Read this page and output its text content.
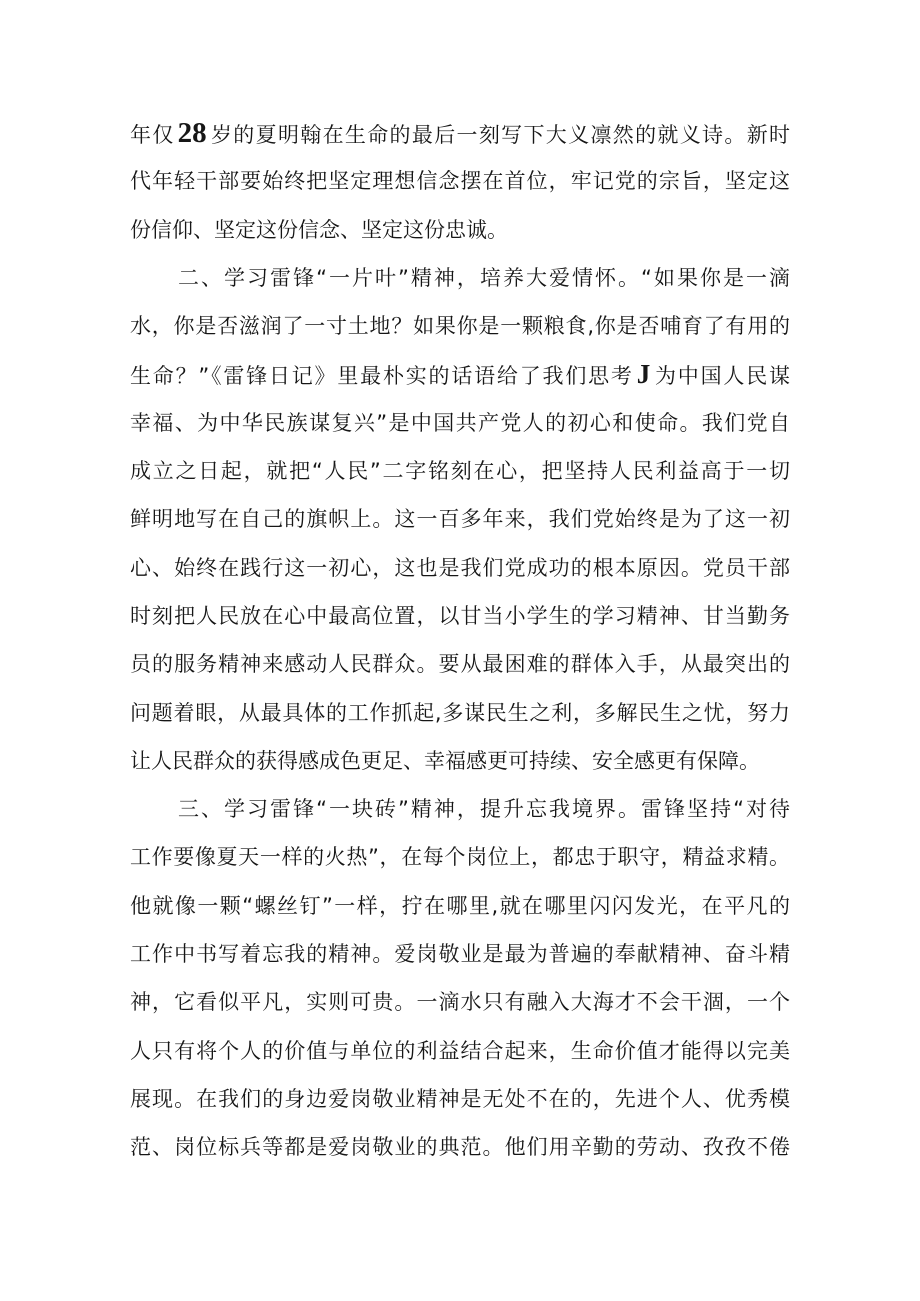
年仅 28 岁的夏明翰在生命的最后一刻写下大义凛然的就义诗。新时
代年轻干部要始终把坚定理想信念摆在首位，牢记党的宗旨，坚定这
份信仰、坚定这份信念、坚定这份忠诚。
二、学习雷锋“一片叶”精神，培养大爱情怀。“如果你是一滴
水，你是否滋润了一寸土地？如果你是一颗粮食,你是否哺育了有用的
生命？”《雷锋日记》里最朴实的话语给了我们思考 J 为中国人民谋
幸福、为中华民族谋复兴”是中国共产党人的初心和使命。我们党自
成立之日起，就把“人民”二字铭刻在心，把坚持人民利益高于一切
鲜明地写在自己的旗帜上。这一百多年来，我们党始终是为了这一初
心、始终在践行这一初心，这也是我们党成功的根本原因。党员干部
时刻把人民放在心中最高位置，以甘当小学生的学习精神、甘当勤务
员的服务精神来感动人民群众。要从最困难的群体入手，从最突出的
问题着眼，从最具体的工作抓起,多谋民生之利，多解民生之忧，努力
让人民群众的获得感成色更足、幸福感更可持续、安全感更有保障。
三、学习雷锋“一块砖”精神，提升忘我境界。雷锋坚持“对待
工作要像夏天一样的火热”，在每个岗位上，都忠于职守，精益求精。
他就像一颗“螺丝钉”一样，拧在哪里,就在哪里闪闪发光，在平凡的
工作中书写着忘我的精神。爱岗敬业是最为普遍的奉献精神、奋斗精
神，它看似平凡，实则可贵。一滴水只有融入大海才不会干涸，一个
人只有将个人的价值与单位的利益结合起来，生命价值才能得以完美
展现。在我们的身边爱岗敬业精神是无处不在的，先进个人、优秀模
范、岗位标兵等都是爱岗敬业的典范。他们用辛勤的劳动、孜孜不倦
